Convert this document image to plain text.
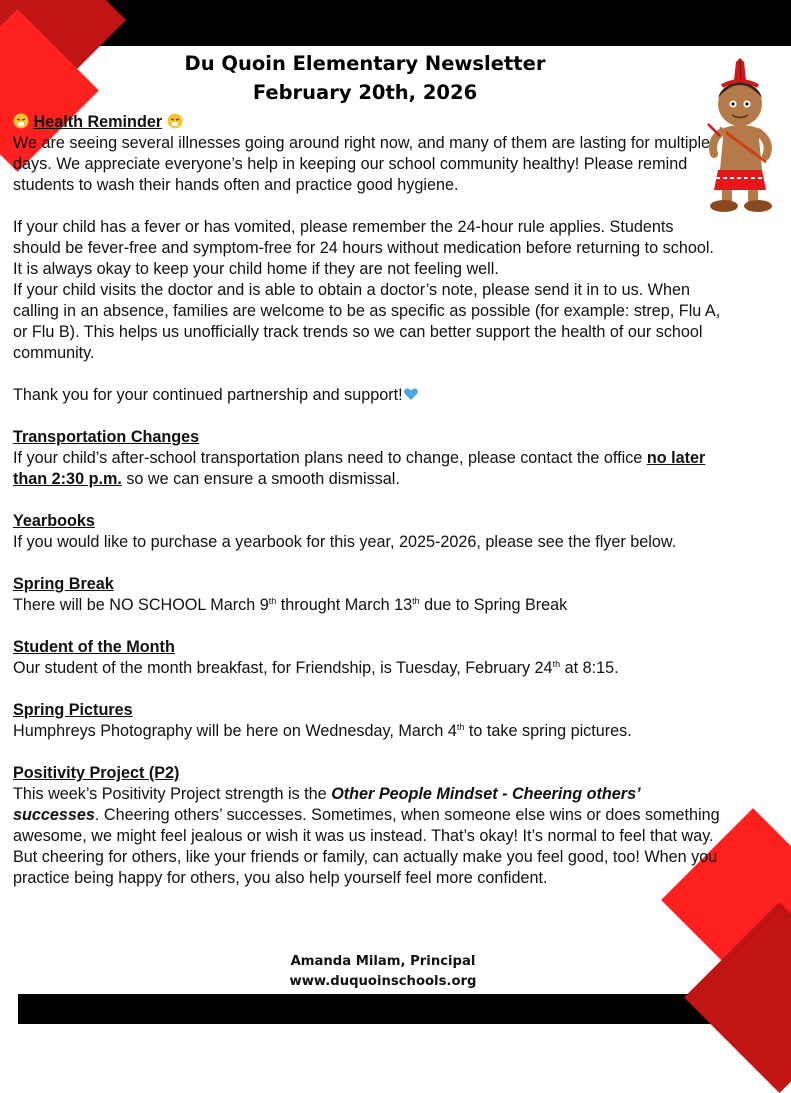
Du Quoin Elementary Newsletter
February 20th, 2026
Health Reminder

We are seeing several illnesses going around right now, and many of them are lasting for multiple days. We appreciate everyone’s help in keeping our school community healthy! Please remind students to wash their hands often and practice good hygiene.

If your child has a fever or has vomited, please remember the 24-hour rule applies. Students should be fever-free and symptom-free for 24 hours without medication before returning to school. It is always okay to keep your child home if they are not feeling well.

If your child visits the doctor and is able to obtain a doctor’s note, please send it in to us. When calling in an absence, families are welcome to be as specific as possible (for example: strep, Flu A, or Flu B). This helps us unofficially track trends so we can better support the health of our school community.

Thank you for your continued partnership and support!

Transportation Changes

If your child’s after-school transportation plans need to change, please contact the office no later than 2:30 p.m. so we can ensure a smooth dismissal.

Yearbooks

If you would like to purchase a yearbook for this year, 2025-2026, please see the flyer below.

Spring Break

There will be NO SCHOOL March 9th throught March 13th due to Spring Break

Student of the Month

Our student of the month breakfast, for Friendship, is Tuesday, February 24th at 8:15.

Spring Pictures

Humphreys Photography will be here on Wednesday, March 4th to take spring pictures.

Positivity Project (P2)

This week’s Positivity Project strength is the Other People Mindset - Cheering others’ successes. Cheering others’ successes. Sometimes, when someone else wins or does something awesome, we might feel jealous or wish it was us instead. That’s okay! It’s normal to feel that way. But cheering for others, like your friends or family, can actually make you feel good, too! When you practice being happy for others, you also help yourself feel more confident.

Amanda Milam, Principal
www.duquoinschools.org
